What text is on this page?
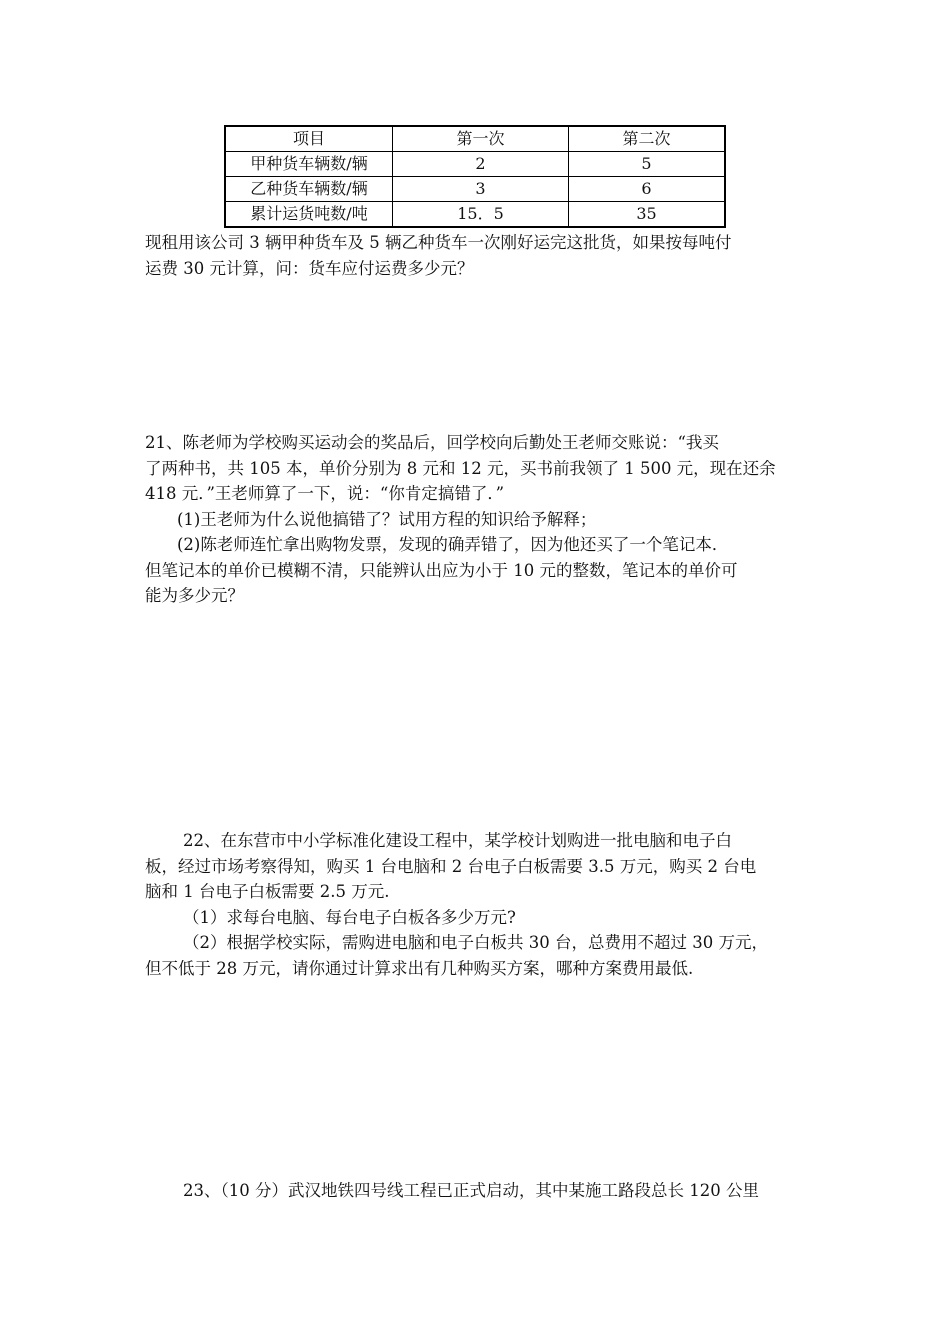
项目	第一次	第二次
甲种货车辆数/辆	2	5
乙种货车辆数/辆	3	6
累计运货吨数/吨	15．5	35
现租用该公司 3 辆甲种货车及 5 辆乙种货车一次刚好运完这批货，如果按每吨付
运费 30 元计算，问：货车应付运费多少元？
21、陈老师为学校购买运动会的奖品后，回学校向后勤处王老师交账说：“我买
了两种书，共 105 本，单价分别为 8 元和 12 元，买书前我领了 1 500 元，现在还余
418 元．”王老师算了一下，说：“你肯定搞错了．”
(1)王老师为什么说他搞错了？试用方程的知识给予解释；
(2)陈老师连忙拿出购物发票，发现的确弄错了，因为他还买了一个笔记本．
但笔记本的单价已模糊不清，只能辨认出应为小于 10 元的整数，笔记本的单价可
能为多少元？
22、在东营市中小学标准化建设工程中，某学校计划购进一批电脑和电子白
板，经过市场考察得知，购买 1 台电脑和 2 台电子白板需要 3.5 万元，购买 2 台电
脑和 1 台电子白板需要 2.5 万元.
（1）求每台电脑、每台电子白板各多少万元?
（2）根据学校实际，需购进电脑和电子白板共 30 台，总费用不超过 30 万元，
但不低于 28 万元，请你通过计算求出有几种购买方案，哪种方案费用最低.
23、（10 分）武汉地铁四号线工程已正式启动，其中某施工路段总长 120 公里
